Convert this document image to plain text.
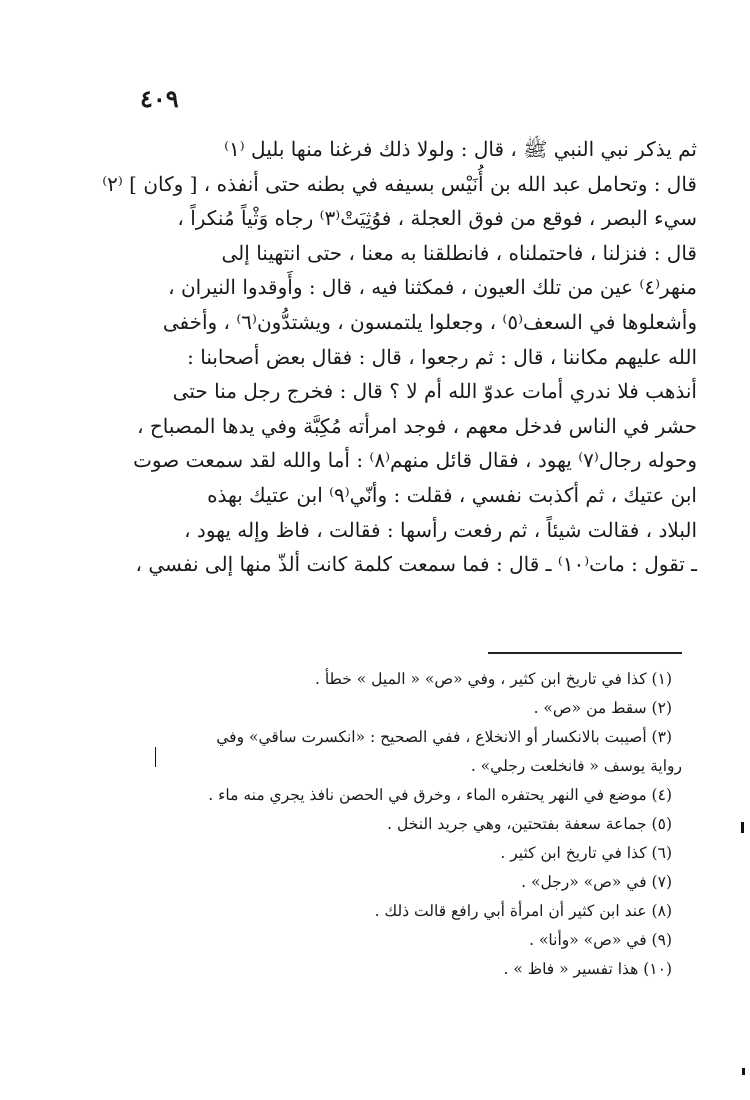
٤٠٩
ثم يذكر نبي النبي ﷺ ، قال : ولولا ذلك فرغنا منها بليل ⁽١⁾
قال : وتحامل عبد الله بن أُنَيْس بسيفه في بطنه حتى أنفذه ، [ وكان ] ⁽٢⁾
سيء البصر ، فوقع من فوق العجلة ، فوُثِيَتْ⁽٣⁾ رجاه وَثْياً مُنكراً ،
قال : فنزلنا ، فاحتملناه ، فانطلقنا به معنا ، حتى انتهينا إلى
منهر⁽٤⁾ عين من تلك العيون ، فمكثنا فيه ، قال : وأَوقدوا النيران ،
وأشعلوها في السعف⁽٥⁾ ، وجعلوا يلتمسون ، ويشتدُّون⁽٦⁾ ، وأخفى
الله عليهم مكاننا ، قال : ثم رجعوا ، قال : فقال بعض أصحابنا :
أنذهب فلا ندري أمات عدوّ الله أم لا ؟ قال : فخرج رجل منا حتى
حشر في الناس فدخل معهم ، فوجد امرأته مُكِبَّة وفي يدها المصباح ،
وحوله رجال⁽٧⁾ يهود ، فقال قائل منهم⁽٨⁾ : أما والله لقد سمعت صوت
ابن عتيك ، ثم أكذبت نفسي ، فقلت : وأنّي⁽٩⁾ ابن عتيك بهذه
البلاد ، فقالت شيئاً ، ثم رفعت رأسها : فقالت ، فاظ وإله يهود ،
ـ تقول : مات⁽١٠⁾ ـ قال : فما سمعت كلمة كانت ألذّ منها إلى نفسي ،
(١) كذا في تاريخ ابن كثير ، وفي «ص» « الميل » خطأ .
(٢) سقط من «ص» .
(٣) أصيبت بالانكسار أو الانخلاع ، ففي الصحيح : «انكسرت ساقي» وفي
رواية يوسف « فانخلعت رجلي» .
(٤) موضع في النهر يحتفره الماء ، وخرق في الحصن نافذ يجري منه ماء .
(٥) جماعة سعفة بفتحتين، وهي جريد النخل .
(٦) كذا في تاريخ ابن كثير .
(٧) في «ص» «رجل» .
(٨) عند ابن كثير أن امرأة أبي رافع قالت ذلك .
(٩) في «ص» «وأنا» .
(١٠) هذا تفسير « فاظ » .
